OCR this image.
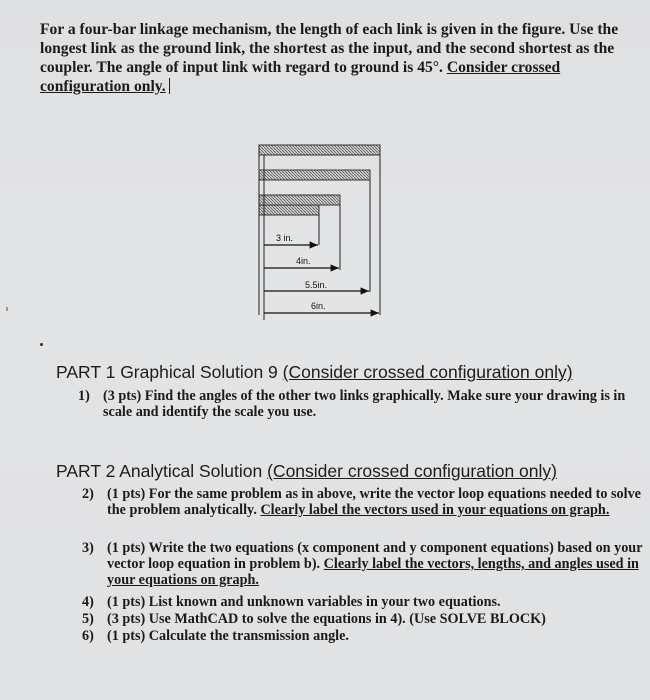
For a four-bar linkage mechanism, the length of each link is given in the figure. Use the longest link as the ground link, the shortest as the input, and the second shortest as the coupler. The angle of input link with regard to ground is 45°. Consider crossed configuration only.
3 in.
4in.
5.5in.
6in.
PART 1 Graphical Solution 9 (Consider crossed configuration only)
1) (3 pts) Find the angles of the other two links graphically. Make sure your drawing is in scale and identify the scale you use.
PART 2 Analytical Solution (Consider crossed configuration only)
2) (1 pts) For the same problem as in above, write the vector loop equations needed to solve the problem analytically. Clearly label the vectors used in your equations on graph.
3) (1 pts) Write the two equations (x component and y component equations) based on your vector loop equation in problem b). Clearly label the vectors, lengths, and angles used in your equations on graph.
4) (1 pts) List known and unknown variables in your two equations.
5) (3 pts) Use MathCAD to solve the equations in 4). (Use SOLVE BLOCK)
6) (1 pts) Calculate the transmission angle.
